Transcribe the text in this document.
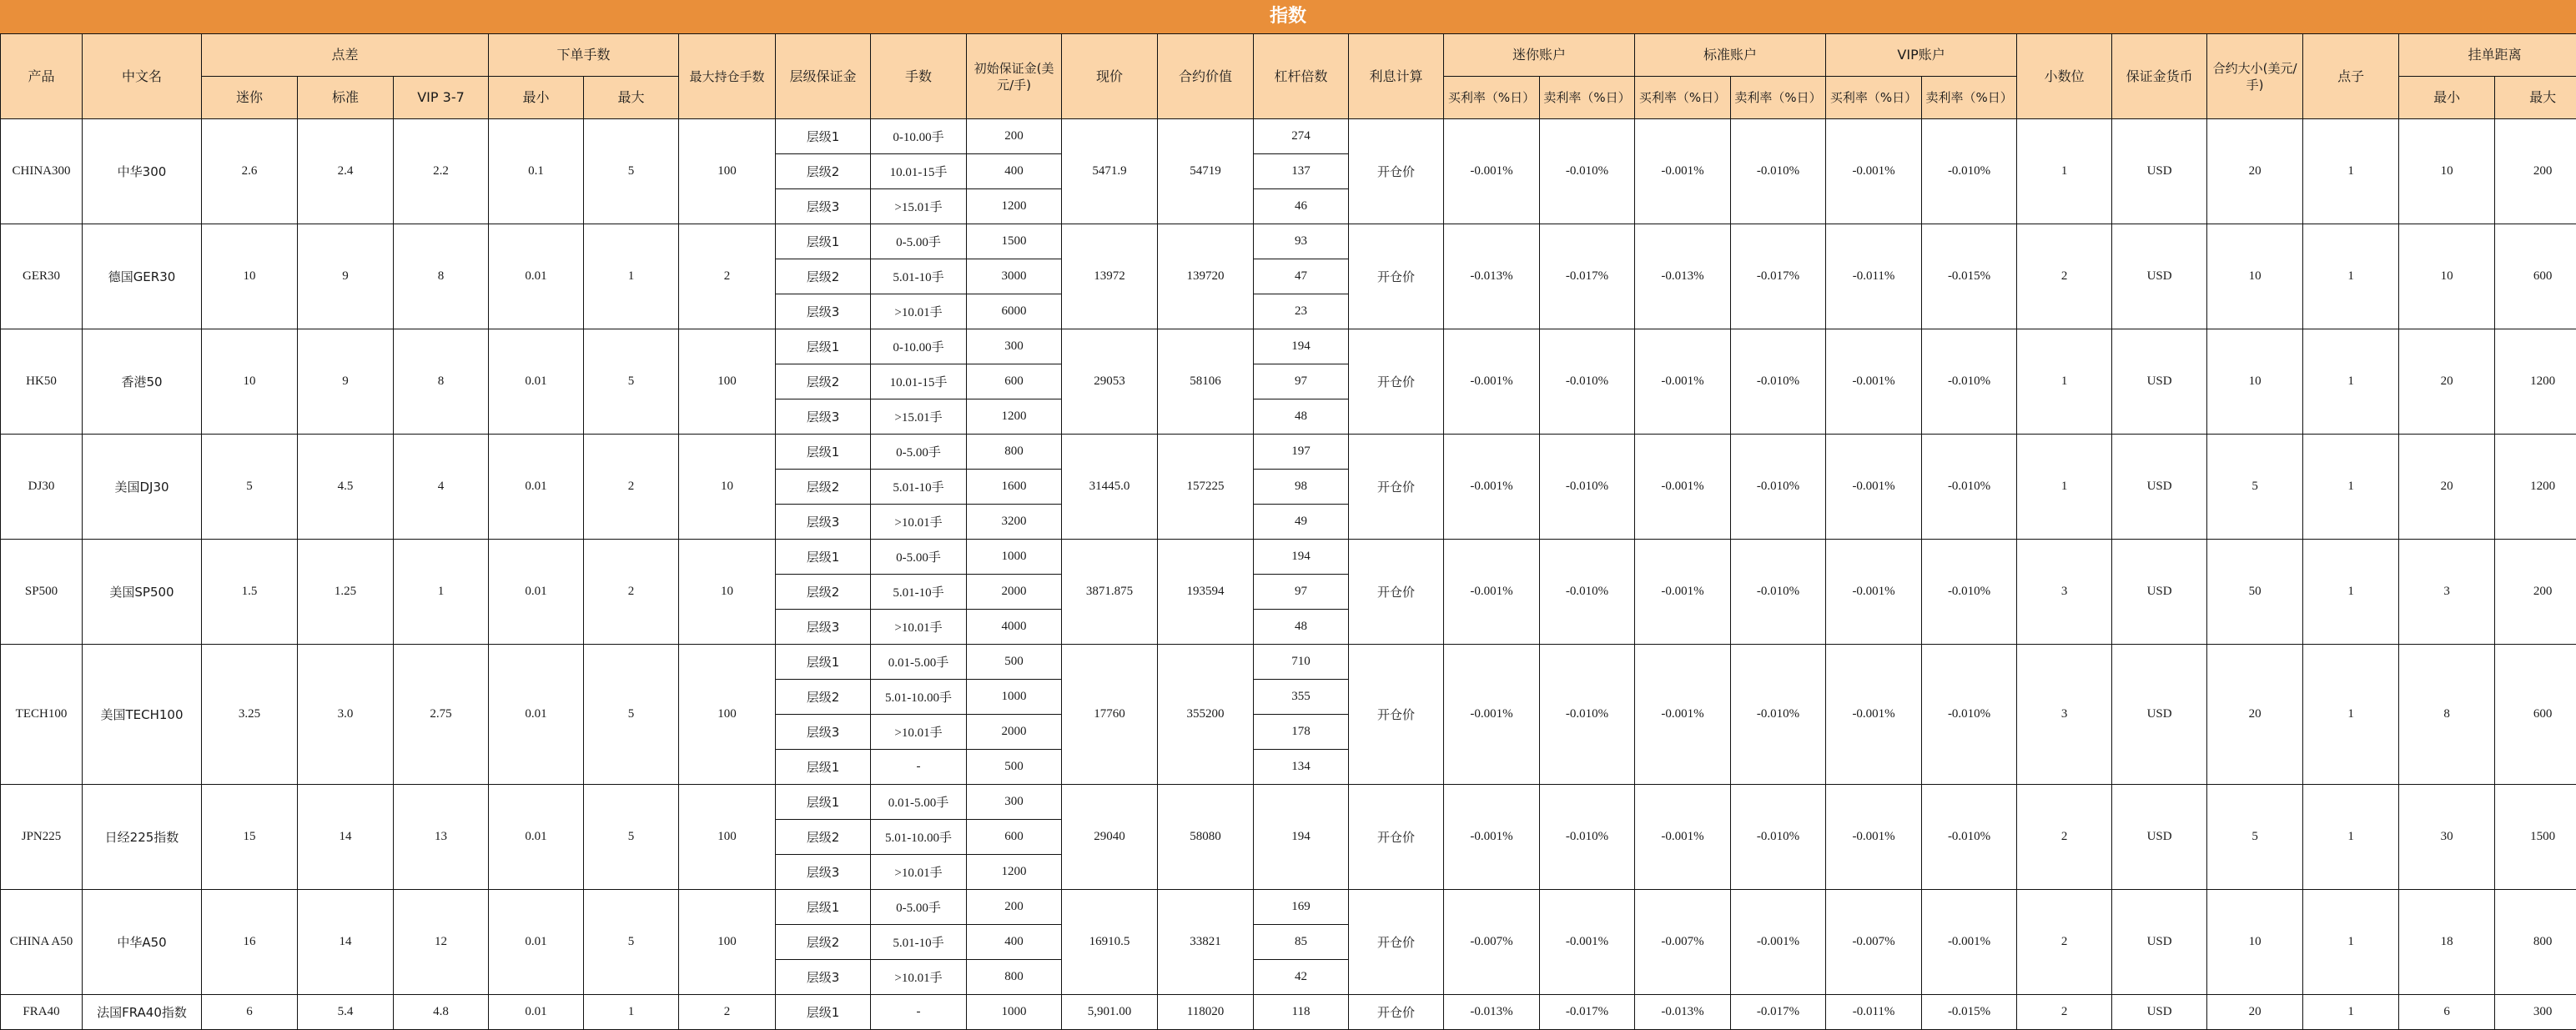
指数
产品	中文名	点差			下单手数		最大持仓手数	层级保证金	手数	初始保证金(美元/手)	现价	合约价值	杠杆倍数	利息计算	迷你账户		标准账户		VIP账户		小数位	保证金货币	合约大小(美元/手)	点子	挂单距离	
		迷你	标准	VIP 3-7	最小	最大									买利率（%日）	卖利率（%日）	买利率（%日）	卖利率（%日）	买利率（%日）	卖利率（%日）					最小	最大
CHINA300	中华300	2.6	2.4	2.2	0.1	5	100	层级1	0-10.00手	200	5471.9	54719	274	开仓价	-0.001%	-0.010%	-0.001%	-0.010%	-0.001%	-0.010%	1	USD	20	1	10	200
								层级2	10.01-15手	400			137													
								层级3	>15.01手	1200			46													
GER30	德国GER30	10	9	8	0.01	1	2	层级1	0-5.00手	1500	13972	139720	93	开仓价	-0.013%	-0.017%	-0.013%	-0.017%	-0.011%	-0.015%	2	USD	10	1	10	600
								层级2	5.01-10手	3000			47													
								层级3	>10.01手	6000			23													
HK50	香港50	10	9	8	0.01	5	100	层级1	0-10.00手	300	29053	58106	194	开仓价	-0.001%	-0.010%	-0.001%	-0.010%	-0.001%	-0.010%	1	USD	10	1	20	1200
								层级2	10.01-15手	600			97													
								层级3	>15.01手	1200			48													
DJ30	美国DJ30	5	4.5	4	0.01	2	10	层级1	0-5.00手	800	31445.0	157225	197	开仓价	-0.001%	-0.010%	-0.001%	-0.010%	-0.001%	-0.010%	1	USD	5	1	20	1200
								层级2	5.01-10手	1600			98													
								层级3	>10.01手	3200			49													
SP500	美国SP500	1.5	1.25	1	0.01	2	10	层级1	0-5.00手	1000	3871.875	193594	194	开仓价	-0.001%	-0.010%	-0.001%	-0.010%	-0.001%	-0.010%	3	USD	50	1	3	200
								层级2	5.01-10手	2000			97													
								层级3	>10.01手	4000			48													
TECH100	美国TECH100	3.25	3.0	2.75	0.01	5	100	层级1	0.01-5.00手	500	17760	355200	710	开仓价	-0.001%	-0.010%	-0.001%	-0.010%	-0.001%	-0.010%	3	USD	20	1	8	600
								层级2	5.01-10.00手	1000			355													
								层级3	>10.01手	2000			178													
								层级1	-	500			134													
JPN225	日经225指数	15	14	13	0.01	5	100	层级1	0.01-5.00手	300	29040	58080	194	开仓价	-0.001%	-0.010%	-0.001%	-0.010%	-0.001%	-0.010%	2	USD	5	1	30	1500
								层级2	5.01-10.00手	600																
								层级3	>10.01手	1200																
CHINA A50	中华A50	16	14	12	0.01	5	100	层级1	0-5.00手	200	16910.5	33821	169	开仓价	-0.007%	-0.001%	-0.007%	-0.001%	-0.007%	-0.001%	2	USD	10	1	18	800
								层级2	5.01-10手	400			85													
								层级3	>10.01手	800			42													
FRA40	法国FRA40指数	6	5.4	4.8	0.01	1	2	层级1	-	1000	5,901.00	118020	118	开仓价	-0.013%	-0.017%	-0.013%	-0.017%	-0.011%	-0.015%	2	USD	20	1	6	300
